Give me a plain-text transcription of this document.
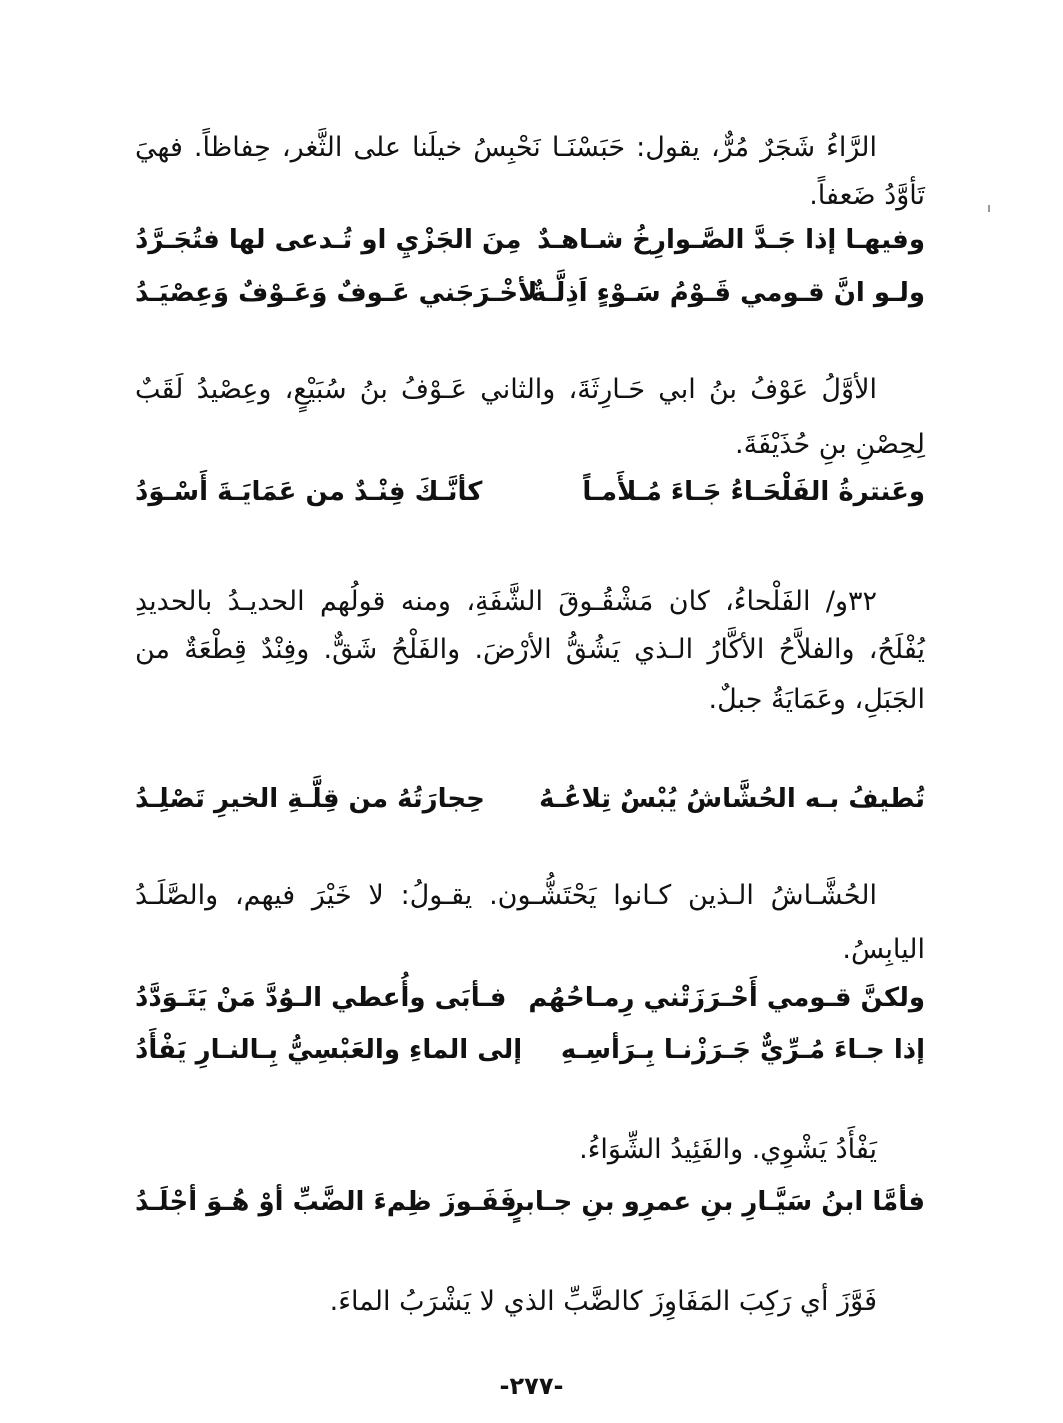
الرَّاءُ شَجَرٌ مُرٌّ، يقول: حَبَسْنَـا نَحْبِسُ خيلَنا على الثَّغر، حِفاظاً. فهيَ
تَأوَّدُ ضَعفاً.
وفيهـا إذا جَـدَّ الصَّـوارِخُ شـاهـدٌ
مِنَ الجَزْيِ او تُـدعى لها فتُجَـرَّدُ
ولـو انَّ قـومي قَـوْمُ سَـوْءٍ اَذِلَّـةٌ
لأخْـرَجَني عَـوفٌ وَعَـوْفٌ وَعِصْيَـدُ
الأوَّلُ عَوْفُ بنُ ابي حَـارِثَةَ، والثاني عَـوْفُ بنُ سُبَيْعٍ، وعِصْيدُ لَقَبٌ
لِحِصْنِ بنِ حُذَيْفَةَ.
وعَنترةُ الفَلْحَـاءُ جَـاءَ مُـلأَمـاً
كأنَّـكَ فِنْـدٌ من عَمَايَـةَ أَسْـوَدُ
٣٢و/ الفَلْحاءُ، كان مَشْقُـوقَ الشَّفَةِ، ومنه قولُهم الحديـدُ بالحديدِ
يُفْلَحُ، والفلاَّحُ الأكَّارُ الـذي يَشُقُّ الأرْضَ. والفَلْحُ شَقٌّ. وفِنْدٌ قِطْعَةٌ من
الجَبَلِ، وعَمَايَةُ جبلٌ.
تُطيفُ بـه الحُشَّاشُ يُبْسٌ تِلاعُـهُ
حِجارَتُهُ من قِلَّـةِ الخيرِ تَصْلِـدُ
الحُشَّـاشُ الـذين كـانوا يَحْتَشُّـون. يقـولُ: لا خَيْرَ فيهم، والصَّلَـدُ
اليابِسُ.
ولكنَّ قـومي أَحْـرَزَتْني رِمـاحُهُم
فـأبَى وأُعطي الـوُدَّ مَنْ يَتَـوَدَّدُ
إذا جـاءَ مُـرِّيٌّ جَـرَزْنـا بِـرَأسِـهِ
إلى الماءِ والعَبْسِيُّ بِـالنـارِ يَفْأَدُ
يَفْأَدُ يَشْوِي. والفَئِيدُ الشِّوَاءُ.
فأمَّا ابنُ سَيَّـارِ بنِ عمرِو بنِ جـابرٍ
فَفَـوزَ ظِمءَ الضَّبِّ أوْ هُـوَ أجْلَـدُ
فَوَّزَ أي رَكِبَ المَفَاوِزَ كالضَّبِّ الذي لا يَشْرَبُ الماءَ.
-٢٧٧-
